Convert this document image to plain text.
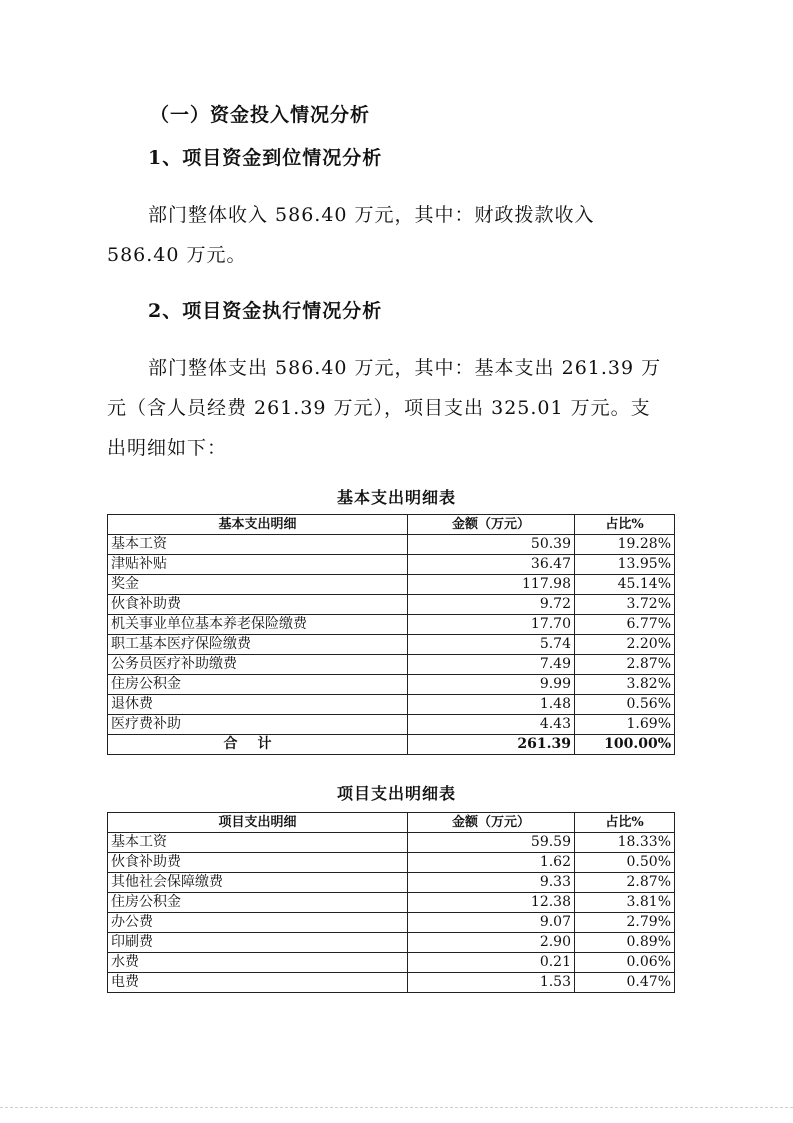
（一）资金投入情况分析
1、项目资金到位情况分析
部门整体收入 586.40 万元，其中：财政拨款收入
586.40 万元。
2、项目资金执行情况分析
部门整体支出 586.40 万元，其中：基本支出 261.39 万
元（含人员经费 261.39 万元），项目支出 325.01 万元。支
出明细如下：
基本支出明细表
基本支出明细	金额（万元）	占比%
基本工资	50.39	19.28%
津贴补贴	36.47	13.95%
奖金	117.98	45.14%
伙食补助费	9.72	3.72%
机关事业单位基本养老保险缴费	17.70	6.77%
职工基本医疗保险缴费	5.74	2.20%
公务员医疗补助缴费	7.49	2.87%
住房公积金	9.99	3.82%
退休费	1.48	0.56%
医疗费补助	4.43	1.69%
合计	261.39	100.00%
项目支出明细表
项目支出明细	金额（万元）	占比%
基本工资	59.59	18.33%
伙食补助费	1.62	0.50%
其他社会保障缴费	9.33	2.87%
住房公积金	12.38	3.81%
办公费	9.07	2.79%
印刷费	2.90	0.89%
水费	0.21	0.06%
电费	1.53	0.47%
